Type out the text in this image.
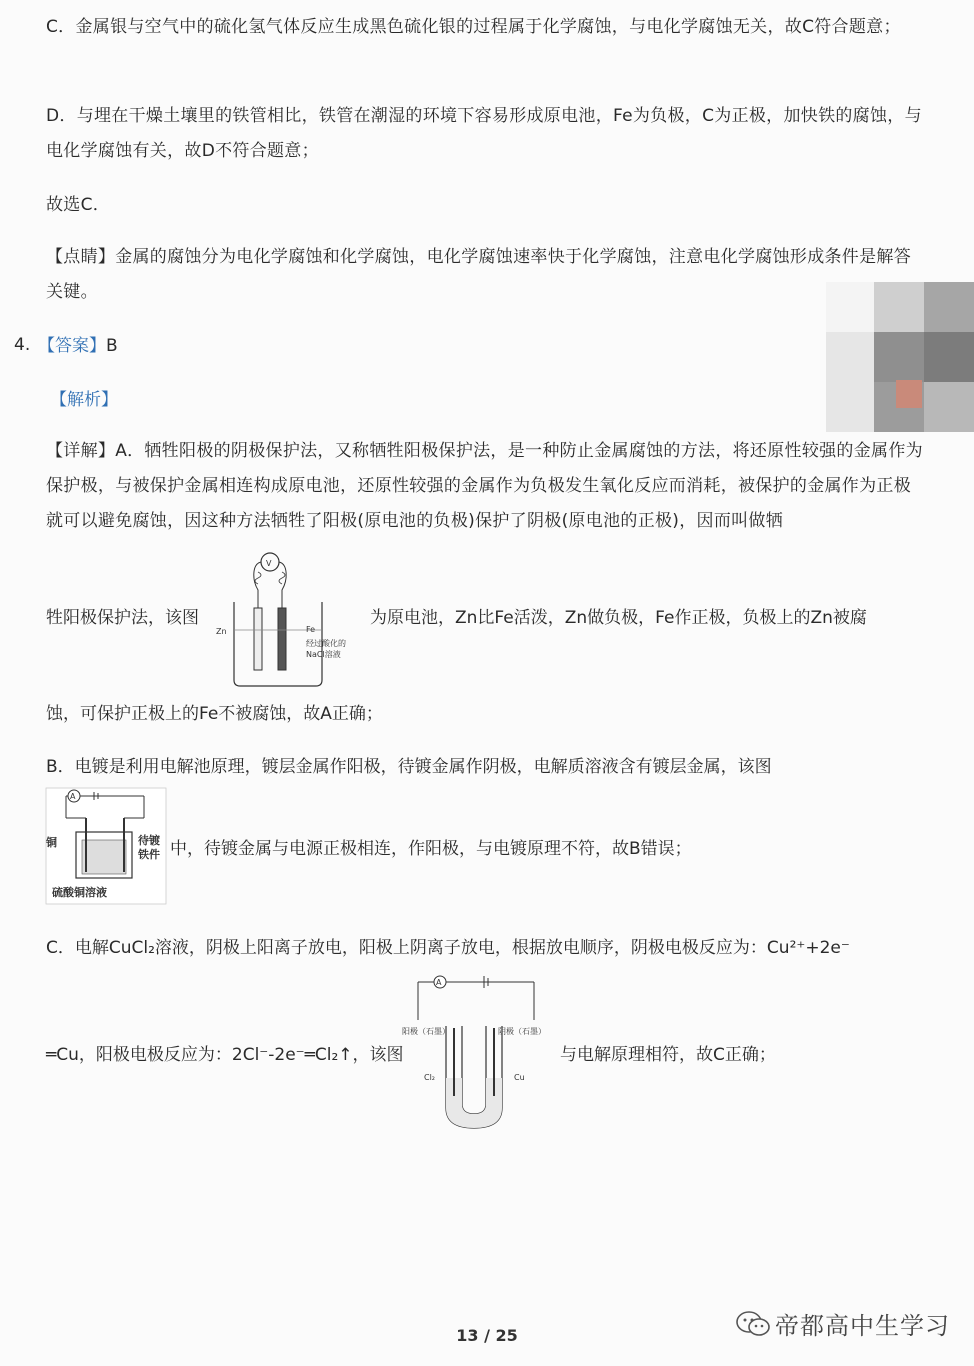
C．金属银与空气中的硫化氢气体反应生成黑色硫化银的过程属于化学腐蚀，与电化学腐蚀无关，故C符合题意；
D．与埋在干燥土壤里的铁管相比，铁管在潮湿的环境下容易形成原电池，Fe为负极，C为正极，加快铁的腐蚀，与电化学腐蚀有关，故D不符合题意；
故选C．
【点睛】金属的腐蚀分为电化学腐蚀和化学腐蚀，电化学腐蚀速率快于化学腐蚀，注意电化学腐蚀形成条件是解答关键。
4. 【答案】B
【解析】
【详解】A．牺牲阳极的阴极保护法，又称牺牲阳极保护法，是一种防止金属腐蚀的方法，将还原性较强的金属作为保护极，与被保护金属相连构成原电池，还原性较强的金属作为负极发生氧化反应而消耗，被保护的金属作为正极就可以避免腐蚀，因这种方法牺牲了阳极(原电池的负极)保护了阴极(原电池的正极)，因而叫做牺
牲阳极保护法，该图	为原电池，Zn比Fe活泼，Zn做负极，Fe作正极，负极上的Zn被腐
蚀，可保护正极上的Fe不被腐蚀，故A正确；
V
Zn	Fe
经过酸化的
NaCl溶液
B．电镀是利用电解池原理，镀层金属作阳极，待镀金属作阴极，电解质溶液含有镀层金属，该图
A
铜	待镀
铁件
硫酸铜溶液
中，待镀金属与电源正极相连，作阳极，与电镀原理不符，故B错误；
C．电解CuCl₂溶液，阴极上阳离子放电，阳极上阴离子放电，根据放电顺序，阴极电极反应为：Cu²⁺+2e⁻
A
阳极（石墨）	阴极（石墨）
Cl₂	Cu
═Cu，阳极电极反应为：2Cl⁻-2e⁻═Cl₂↑，该图	与电解原理相符，故C正确；
13 / 25	帝都高中生学习
